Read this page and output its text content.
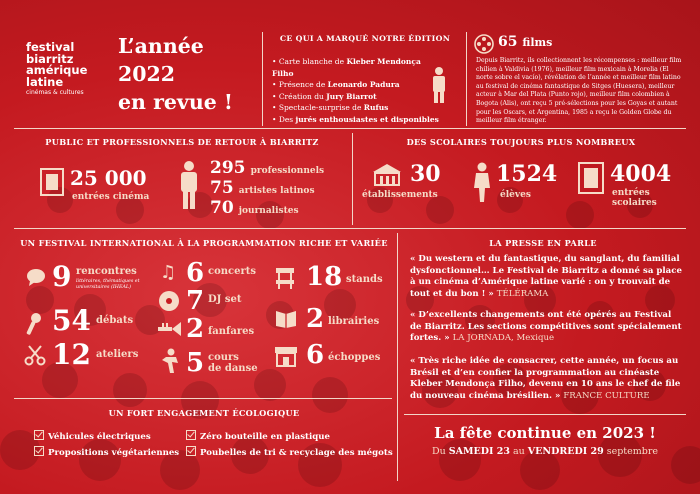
festival
biarritz
amérique
latine
cinémas & cultures
L’année
2022
en revue !
CE QUI A MARQUÉ NOTRE ÉDITION
• Carte blanche de Kleber Mendonça Filho
• Présence de Leonardo Padura
• Création du Jury Biarrot
• Spectacle-surprise de Rufus
• Des jurés enthousiastes et disponibles
65 films
Depuis Biarritz, ils collectionnent les récompenses : meilleur film chilien à Valdivia (1976), meilleur film mexicain à Morelia (El norte sobre el vacío), révélation de l’année et meilleur film latino au festival de cinéma fantastique de Sitges (Huesera), meilleur acteur à Mar del Plata (Punto rojo), meilleur film colombien à Bogota (Alis), ont reçu 5 pré-sélections pour les Goyas et autant pour les Oscars, et Argentina, 1985 a reçu le Golden Globe du meilleur film étranger.
PUBLIC ET PROFESSIONNELS DE RETOUR À BIARRITZ
25 000
entrées cinéma
295 professionnels
75 artistes latinos
70 journalistes
DES SCOLAIRES TOUJOURS PLUS NOMBREUX
30
établissements
1524
élèves
4004
entrées
scolaires
UN FESTIVAL INTERNATIONAL À LA PROGRAMMATION RICHE ET VARIÉE
9 rencontres
littéraires, thématiques et universitaires (IHEAL)
54 débats
12 ateliers
♫ 6 concerts
7 DJ set
2 fanfares
5 cours
de danse
18 stands
2 librairies
6 échoppes
LA PRESSE EN PARLE
« Du western et du fantastique, du sanglant, du familial dysfonctionnel… Le Festival de Biarritz a donné sa place à un cinéma d’Amérique latine varié : on y trouvait de tout et du bon ! » TÉLÉRAMA
« D’excellents changements ont été opérés au Festival de Biarritz. Les sections compétitives sont spécialement fortes. » LA JORNADA, Mexique
« Très riche idée de consacrer, cette année, un focus au Brésil et d’en confier la programmation au cinéaste Kleber Mendonça Filho, devenu en 10 ans le chef de file du nouveau cinéma brésilien. » FRANCE CULTURE
UN FORT ENGAGEMENT ÉCOLOGIQUE
Véhicules électriques
Propositions végétariennes
Zéro bouteille en plastique
Poubelles de tri & recyclage des mégots
La fête continue en 2023 !
Du SAMEDI 23 au VENDREDI 29 septembre
